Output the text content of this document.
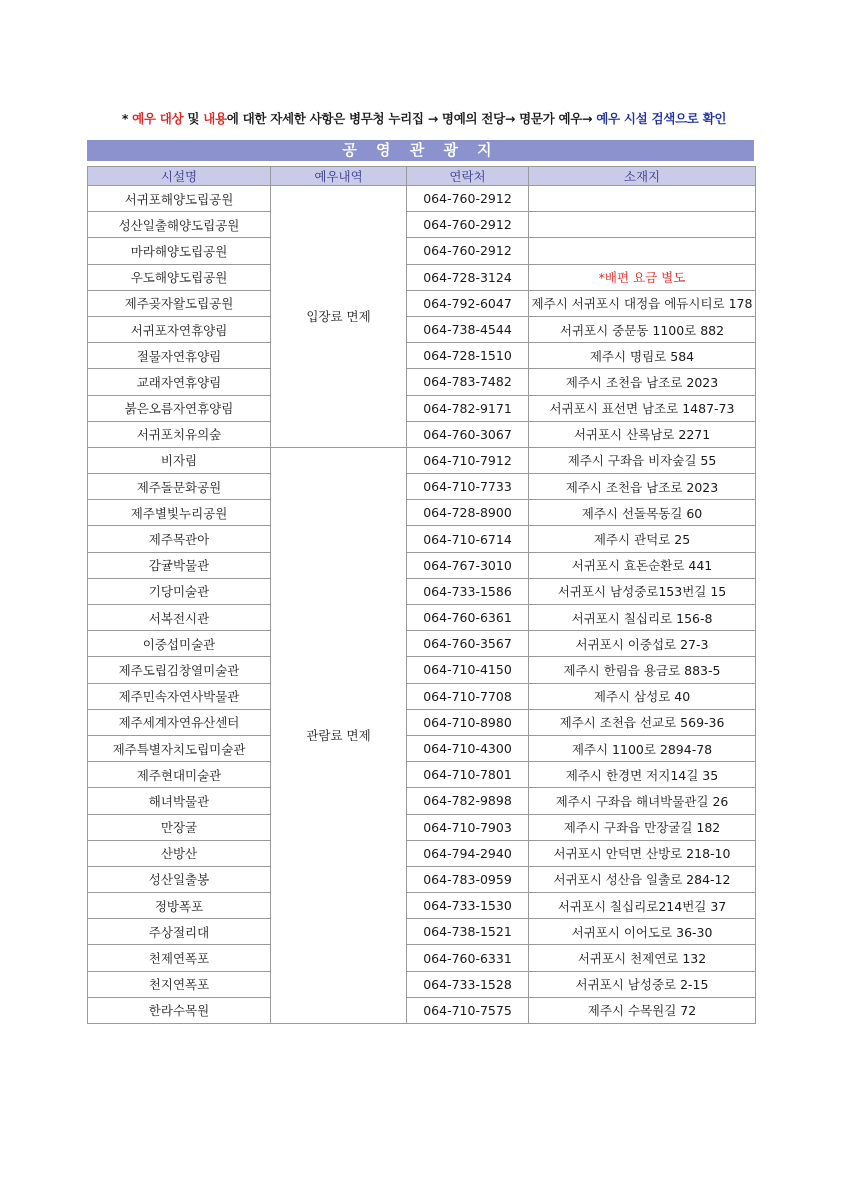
* 예우 대상 및 내용에 대한 자세한 사항은 병무청 누리집 → 명예의 전당→ 명문가 예우→ 예우 시설 검색으로 확인
공 영 관 광 지
시설명	예우내역	연락처	소재지
서귀포해양도립공원	입장료 면제	064-760-2912	
성산일출해양도립공원		064-760-2912	
마라해양도립공원		064-760-2912	
우도해양도립공원		064-728-3124	*배편 요금 별도
제주곶자왈도립공원		064-792-6047	제주시 서귀포시 대정읍 에듀시티로 178
서귀포자연휴양림		064-738-4544	서귀포시 중문동 1100로 882
절물자연휴양림		064-728-1510	제주시 명림로 584
교래자연휴양림		064-783-7482	제주시 조천읍 남조로 2023
붉은오름자연휴양림		064-782-9171	서귀포시 표선면 남조로 1487-73
서귀포치유의숲		064-760-3067	서귀포시 산록남로 2271
비자림	관람료 면제	064-710-7912	제주시 구좌읍 비자숲길 55
제주돌문화공원		064-710-7733	제주시 조천읍 남조로 2023
제주별빛누리공원		064-728-8900	제주시 선돌목동길 60
제주목관아		064-710-6714	제주시 관덕로 25
감귤박물관		064-767-3010	서귀포시 효돈순환로 441
기당미술관		064-733-1586	서귀포시 남성중로153번길 15
서복전시관		064-760-6361	서귀포시 칠십리로 156-8
이중섭미술관		064-760-3567	서귀포시 이중섭로 27-3
제주도립김창열미술관		064-710-4150	제주시 한림읍 용금로 883-5
제주민속자연사박물관		064-710-7708	제주시 삼성로 40
제주세계자연유산센터		064-710-8980	제주시 조천읍 선교로 569-36
제주특별자치도립미술관		064-710-4300	제주시 1100로 2894-78
제주현대미술관		064-710-7801	제주시 한경면 저지14길 35
해녀박물관		064-782-9898	제주시 구좌읍 해녀박물관길 26
만장굴		064-710-7903	제주시 구좌읍 만장굴길 182
산방산		064-794-2940	서귀포시 안덕면 산방로 218-10
성산일출봉		064-783-0959	서귀포시 성산읍 일출로 284-12
정방폭포		064-733-1530	서귀포시 칠십리로214번길 37
주상절리대		064-738-1521	서귀포시 이어도로 36-30
천제연폭포		064-760-6331	서귀포시 천제연로 132
천지연폭포		064-733-1528	서귀포시 남성중로 2-15
한라수목원		064-710-7575	제주시 수목원길 72
